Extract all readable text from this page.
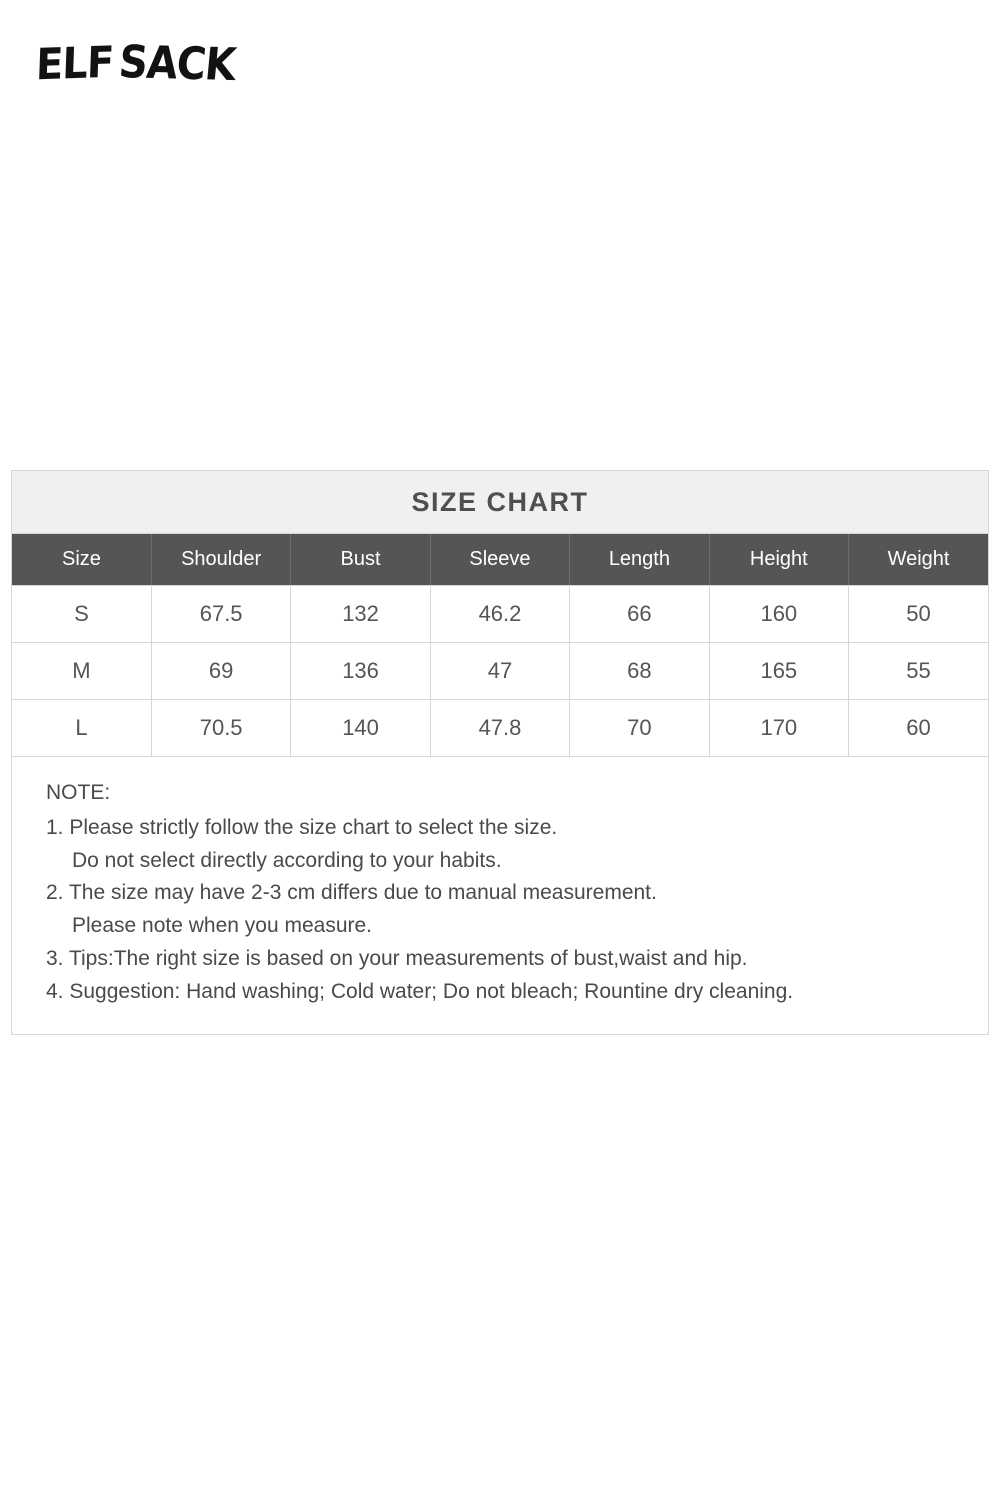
ELFSACK
SIZE CHART
Size	Shoulder	Bust	Sleeve	Length	Height	Weight
S	67.5	132	46.2	66	160	50
M	69	136	47	68	165	55
L	70.5	140	47.8	70	170	60
NOTE:
1. Please strictly follow the size chart to select the size.
Do not select directly according to your habits.
2. The size may have 2-3 cm differs due to manual measurement.
Please note when you measure.
3. Tips:The right size is based on your measurements of bust,waist and hip.
4. Suggestion: Hand washing; Cold water; Do not bleach; Rountine dry cleaning.
